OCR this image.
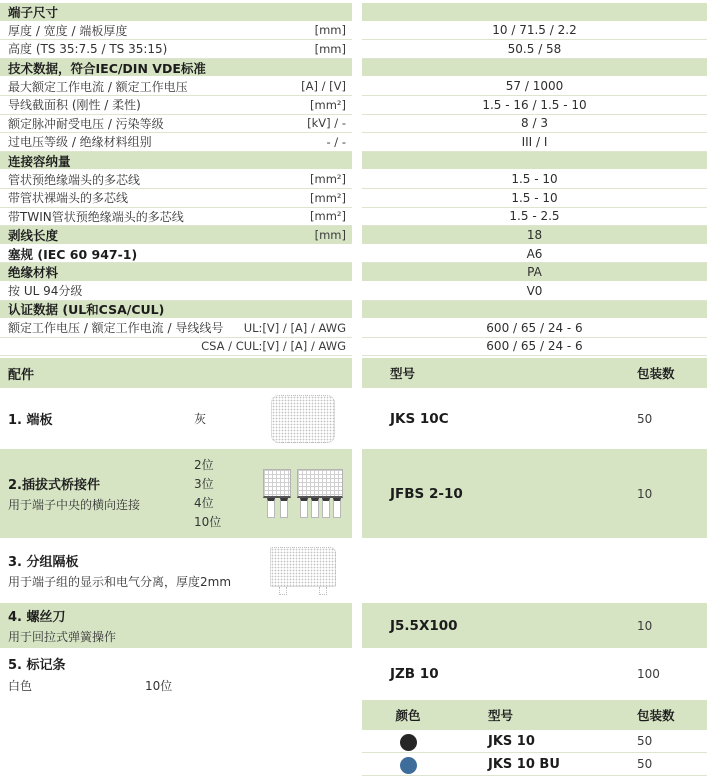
端子尺寸
厚度 / 宽度 / 端板厚度	[mm]	10 / 71.5 / 2.2
高度 (TS 35:7.5 / TS 35:15)	[mm]	50.5 / 58
技术数据，符合IEC/DIN VDE标准
最大额定工作电流 / 额定工作电压	[A] / [V]	57 / 1000
导线截面积 (刚性 / 柔性)	[mm²]	1.5 - 16 / 1.5 - 10
额定脉冲耐受电压 / 污染等级	[kV] / -	8 / 3
过电压等级 / 绝缘材料组别	- / -	III / I
连接容纳量
管状预绝缘端头的多芯线	[mm²]	1.5 - 10
带管状裸端头的多芯线	[mm²]	1.5 - 10
带TWIN管状预绝缘端头的多芯线	[mm²]	1.5 - 2.5
剥线长度	[mm]	18
塞规 (IEC 60 947-1)	A6
绝缘材料	PA
按 UL 94分级	V0
认证数据 (UL和CSA/CUL)
额定工作电压 / 额定工作电流 / 导线线号 UL:[V] / [A] / AWG	600 / 65 / 24 - 6
CSA / CUL:[V] / [A] / AWG	600 / 65 / 24 - 6
配件	型号	包装数
1. 端板	灰	JKS 10C	50
2.插拔式桥接件
用于端子中央的横向连接
2位
3位
4位
10位
JFBS 2-10	10
3. 分组隔板
用于端子组的显示和电气分离，厚度2mm
4. 螺丝刀
用于回拉式弹簧操作
J5.5X100	10
5. 标记条
白色	10位
JZB 10	100
颜色	型号	包装数
JKS 10	50
JKS 10 BU	50
